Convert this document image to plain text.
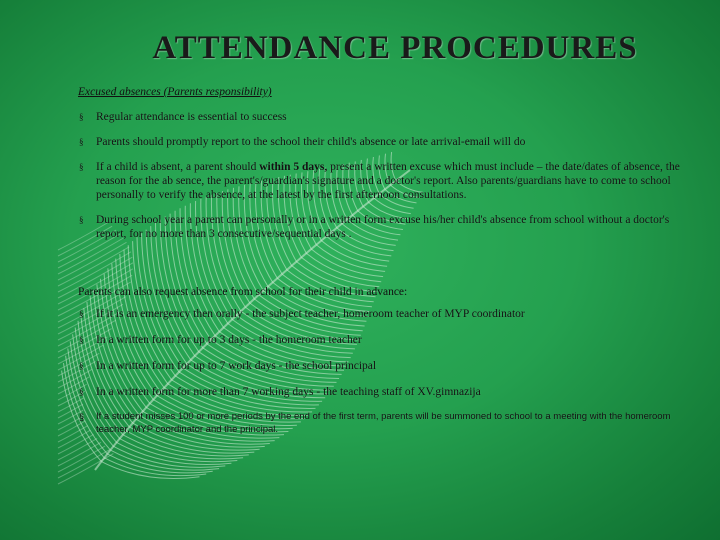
ATTENDANCE PROCEDURES
Excused absences (Parents responsibility)
§ Regular attendance is essential to success
§ Parents should promptly report to the school their child's absence or late arrival-email will do
§ If a child is absent, a parent should within 5 days, present a written excuse which must include – the date/dates of absence, the reason for the ab sence, the parent's/guardian's signature and a doctor's report. Also parents/guardians have to come to school personally to verify the absence, at the latest by the first afternoon consultations.
§ During school year a parent can personally or in a written form excuse his/her child's absence from school without a doctor's report, for no more than 3 consecutive/sequential days .
Parents can also request absence from school for their child in advance:
§ If it is an emergency then orally - the subject teacher, homeroom teacher of MYP coordinator
§ In a written form for up to 3 days - the homeroom teacher
§ In a written form for up to 7 work days - the school principal
§ In a written form for more than 7 working days - the teaching staff of XV.gimnazija
§ If a student misses 100 or more periods by the end of the first term, parents will be summoned to school to a meeting with the homeroom teacher, MYP coordinator and the principal.
